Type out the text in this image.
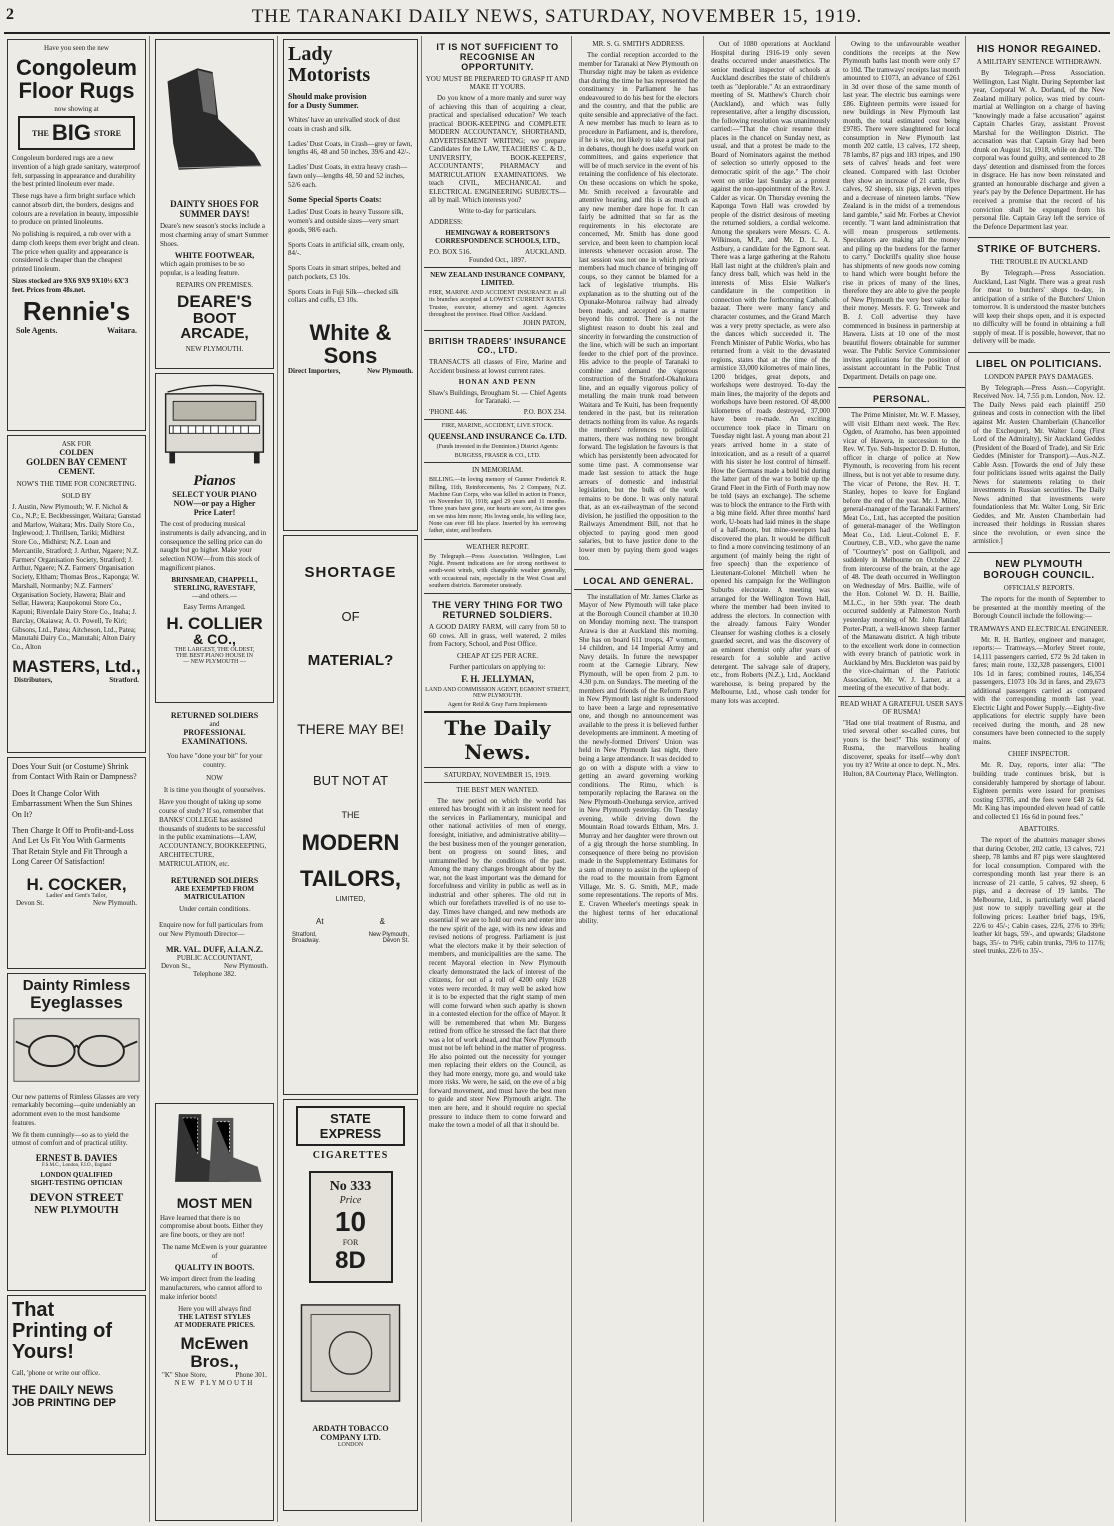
2	THE TARANAKI DAILY NEWS, SATURDAY, NOVEMBER 15, 1919.
Have you seen the new
Congoleum
Floor Rugs
now showing at
THE BIG STORE
Congoleum bordered rugs are a new invention of a high grade sanitary, waterproof felt, surpassing in appearance and durability the best printed linoleum ever made.
These rugs have a firm bright surface which cannot absorb dirt, the borders, designs and colours are a revelation in beauty, impossible to produce on printed linoleums.
No polishing is required, a rub over with a damp cloth keeps them ever bright and clean. The price when quality and appearance is considered is cheaper than the cheapest printed linoleum.
Sizes stocked are 9X6 9X9 9X10½ 6X'3 feet. Prices from 48s.net.
Rennie's
Sole Agents.	Waitara.
ASK FOR
COLDEN
GOLDEN BAY CEMENT
CEMENT.
NOW'S THE TIME FOR CONCRETING.
SOLD BY
J. Austin, New Plymouth; W. F. Nichol & Co., N.P.; E. Beckbessinger, Waitara; Ganstad and Marlow, Waitara; Mrs. Daily Store Co., Inglewood; J. Thrillsen, Tariki; Midhirst Store Co., Midhirst; N.Z. Loan and Mercantile, Stratford; J. Arthur, Ngaere; N.Z. Farmers' Organisation Society, Stratford; J. Arthur, Ngaere; N.Z. Farmers' Organisation Society, Eltham; Thomas Bros., Kaponga; W. Marshall, Normanby; N.Z. Farmers' Organisation Society, Hawera; Blair and Sellar, Hawera; Kaupokonui Store Co., Kapuni; Riverdale Dairy Store Co., Inaha; J. Barclay, Okaiawa; A. O. Powell, Te Kiri; Gibsons, Ltd., Patea; Aitcheson, Ltd., Patea; Manutahi Dairy Co., Manutahi; Alton Dairy Co., Alton
MASTERS, Ltd.,
Distributors,	Stratford.
Does Your Suit (or Costume) Shrink from Contact With Rain or Dampness?
Does It Change Color With Embarrassment When the Sun Shines On It?
Then Charge It Off to Profit-and-Loss And Let Us Fit You With Garments That Retain Style and Fit Through a Long Career Of Satisfaction!
H. COCKER,
Ladies' and Gent's Tailor,
Devon St.	New Plymouth.
Dainty Rimless
Eyeglasses
Our new patterns of Rimless Glasses are very remarkably becoming—quite undeniably an adornment even to the most handsome features.
We fit them cunningly—so as to yield the utmost of comfort and of practical utility.
ERNEST B. DAVIES
F.S.M.C., London, F.I.O., England
LONDON QUALIFIED
SIGHT-TESTING OPTICIAN
DEVON STREET
NEW PLYMOUTH
That
Printing of
Yours!
Call, 'phone or write our office.
THE DAILY NEWS
JOB PRINTING DEP
DAINTY SHOES FOR
SUMMER DAYS!
Deare's new season's stocks include a most charming array of smart Summer Shoes.
WHITE FOOTWEAR,
which again promises to be so popular, is a leading feature.
REPAIRS ON PREMISES.
DEARE'S
BOOT ARCADE,
NEW PLYMOUTH.
Pianos
SELECT YOUR PIANO
NOW—or pay a Higher
Price Later!
The cost of producing musical instruments is daily advancing, and in consequence the selling price can do naught but go higher. Make your selection NOW—from this stock of magnificent pianos.
BRINSMEAD, CHAPPELL,
STERLING, RAVESTAFF,
—and others.—
Easy Terms Arranged.
H. COLLIER
& CO.,
THE LARGEST, THE OLDEST,
THE BEST PIANO HOUSE IN
— NEW PLYMOUTH —
RETURNED SOLDIERS
and
PROFESSIONAL EXAMINATIONS.
You have "done your bit" for your country.
NOW
It is time you thought of yourselves.
Have you thought of taking up some course of study? If so, remember that BANKS' COLLEGE has assisted thousands of students to be successful in the public examinations—LAW, ACCOUNTANCY, BOOKKEEPING, ARCHITECTURE, MATRICULATION, etc.
RETURNED SOLDIERS
ARE EXEMPTED FROM MATRICULATION
Under certain conditions.
Enquire now for full particulars from our New Plymouth Director—
MR. VAL. DUFF, A.I.A.N.Z.
PUBLIC ACCOUNTANT,
Devon St.,	New Plymouth.
Telephone 382.
MOST MEN
Have learned that there is no compromise about boots. Either they are fine boots, or they are not!
The name McEwen is your guarantee of
QUALITY IN BOOTS.
We import direct from the leading manufacturers, who cannot afford to make inferior boots!
Here you will always find
THE LATEST STYLES
AT MODERATE PRICES.
McEwen Bros.,
"K" Shoe Store,	Phone 301.
NEW PLYMOUTH
Lady
Motorists
Should make provision
for a Dusty Summer.
Whites' have an unrivalled stock of dust coats in crash and silk.
Ladies' Dust Coats, in Crash—grey or fawn, lengths 46, 48 and 50 inches, 39/6 and 42/-.
Ladies' Dust Coats, in extra heavy crash—fawn only—lengths 48, 50 and 52 inches, 52/6 each.
Some Special Sports Coats:
Ladies' Dust Coats in heavy Tussore silk, women's and outside sizes—very smart goods, 98/6 each.
Sports Coats in artificial silk, cream only, 84/-.
Sports Coats in smart stripes, belted and patch pockets, £3 10s.
Sports Coats in Fuji Silk—checked silk collars and cuffs, £3 10s.
White & Sons
Direct Importers,	New Plymouth.
SHORTAGE
OF
MATERIAL?
THERE MAY BE!
BUT NOT AT
THE
MODERN
TAILORS,
LIMITED,
At	&
Stratford,	New Plymouth,
Broadway.	Devon St.
STATE EXPRESS
CIGARETTES
No 333
Price
10
FOR
8D
ARDATH TOBACCO
COMPANY LTD.
LONDON
IT IS NOT SUFFICIENT TO RECOGNISE AN OPPORTUNITY.
YOU MUST BE PREPARED TO GRASP IT AND MAKE IT YOURS.

Do you know of a more manly and surer way of achieving this than of acquiring a clear, practical and specialised education? We teach practical BOOK-KEEPING and COMPLETE MODERN ACCOUNTANCY, SHORTHAND, ADVERTISEMENT WRITING; we prepare Candidates for the LAW, TEACHERS' C. & D., UNIVERSITY, BOOK-KEEPERS', ACCOUNTANTS', PHARMACY and MATRICULATION EXAMINATIONS. We teach CIVIL, MECHANICAL and ELECTRICAL ENGINEERING SUBJECTS—all by mail. Which interests you?

Write to-day for particulars.
ADDRESS:
HEMINGWAY & ROBERTSON'S CORRESPONDENCE SCHOOLS, LTD.,
P.O. BOX 516.	AUCKLAND.
Founded Oct., 1897.
NEW ZEALAND INSURANCE COMPANY, LIMITED.
FIRE, MARINE AND ACCIDENT INSURANCE in all its branches accepted at LOWEST CURRENT RATES. Trustee, executor, attorney and agent. Agencies throughout the province. Head Office: Auckland.
JOHN PATON,
BRITISH TRADERS' INSURANCE CO., LTD.
TRANSACTS all classes of Fire, Marine and Accident business at lowest current rates.
HONAN AND PENN
Shaw's Buildings, Brougham St. — Chief Agents for Taranaki. —
'PHONE 446.	P.O. BOX 234.
FIRE, MARINE, ACCIDENT, LIVE STOCK.
QUEENSLAND INSURANCE Co. LTD.
(Funds invested in the Dominion.) District Agents:
BURGESS, FRASER & CO., LTD.
IN MEMORIAM.
BILLING.—In loving memory of Gunner Frederick R. Billing, 11th, Reinforcements, No. 2 Company, N.Z. Machine Gun Corps, who was killed in action in France, on November 10, 1918; aged 29 years and 11 months. Three years have gone, our hearts are sore, As time goes on we miss him more; His loving smile, his willing face, None can ever fill his place. Inserted by his sorrowing father, sister, and brothers.
WEATHER REPORT.
By Telegraph.—Press Association. Wellington, Last Night. Present indications are for strong northwest to south-west winds, with changeable weather generally, with occasional rain, especially in the West Coast and southern districts. Barometer unsteady.
THE VERY THING FOR TWO RETURNED SOLDIERS.
A GOOD DAIRY FARM, will carry from 50 to 60 cows. All in grass, well watered, 2 miles from Factory, School, and Post Office.
CHEAP AT £25 PER ACRE.
Further particulars on applying to:
F. H. JELLYMAN,
LAND AND COMMISSION AGENT, EGMONT STREET, NEW PLYMOUTH.
Agent for Reid & Gray Farm Implements
The Daily News.
SATURDAY, NOVEMBER 15, 1919.
THE BEST MEN WANTED.

The new period on which the world has entered has brought with it an insistent need for the services in Parliamentary, municipal and other national activities of men of energy, foresight, initiative, and administrative ability—the best business men of the younger generation, bent on progress on sound lines, and untrammelled by the conditions of the past. Among the many changes brought about by the war, not the least important was the demand for forcefulness and virility in public as well as in industrial and other spheres. The old rut in which our forefathers travelled is of no use to-day. Times have changed, and new methods are essential if we are to hold our own and enter into the new spirit of the age, with its new ideas and revised notions of progress. Parliament is just what the electors make it by their selection of members, and municipalities are the same. The recent Mayoral election in New Plymouth clearly demonstrated the lack of interest of the citizens, for out of a roll of 4200 only 1628 votes were recorded. It may well be asked how it is to be expected that the right stamp of men will come forward when such apathy is shown in a contested election for the office of Mayor. It will be remembered that when Mr. Burgess retired from office he stressed the fact that there was a lot of work ahead, and that New Plymouth must not be left behind in the matter of progress. He also pointed out the necessity for younger men replacing their elders on the Council, as they had more energy, more go, and would take more risks. We were, he said, on the eve of a big forward movement, and must have the best men to guide and steer New Plymouth aright. The men are here, and it should require no special pressure to induce them to come forward and make the town a model of all that it should be.

MR. S. G. SMITH'S ADDRESS.

The cordial reception accorded to the member for Taranaki at New Plymouth on Thursday night may be taken as evidence that during the time he has represented the constituency in Parliament he has endeavoured to do his best for the electors and the country, and that the public are quite sensible and appreciative of the fact. A new member has much to learn as to procedure in Parliament, and is, therefore, if he is wise, not likely to take a great part in debates, though he does useful work on committees, and gains experience that will be of much service in the event of his retaining the confidence of his electorate. On these occasions on which he spoke, Mr. Smith received a favourable and attentive hearing, and this is as much as any new member dare hope for. It can fairly be admitted that so far as the requirements in his electorate are concerned, Mr. Smith has done good service, and been keen to champion local interests whenever occasion arose. The last session was not one in which private members had much chance of bringing off coups, so they cannot be blamed for a lack of legislative triumphs. His explanation as to the shutting out of the Opunake-Moturoa railway had already been made, and accepted as a matter beyond his control. There is not the slightest reason to doubt his zeal and sincerity in forwarding the construction of the line, which will be such an important feeder to the chief port of the province. His advice to the people of Taranaki to combine and demand the vigorous construction of the Stratford-Okahukura line, and an equally vigorous policy of metalling the main trunk road between Waitara and Te Kuiti, has been frequently tendered in the past, but its reiteration detracts nothing from its value. As regards the members' references to political matters, there was nothing new brought forward. The legislation he favours is that which has persistently been advocated for some time past. A commonsense war made last session to attack the huge arrears of domestic and industrial legislation, but the bulk of the work remains to be done. It was only natural that, as an ex-railwayman of the second division, he justified the opposition to the Railways Amendment Bill, not that he objected to paying good men good salaries, but to have justice done to the lower men by paying them good wages too.

LOCAL AND GENERAL.

The installation of Mr. James Clarke as Mayor of New Plymouth will take place at the Borough Council chamber at 10.30 on Monday morning next. The transport Arawa is due at Auckland this morning. She has on board 611 troops, 47 women, 14 children, and 14 Imperial Army and Navy details. In future the newspaper room at the Carnegie Library, New Plymouth, will be open from 2 p.m. to 4.30 p.m. on Sundays. The meeting of the members and friends of the Reform Party in New Plymouth last night is understood to have been a large and representative one, and though no announcement was available to the press it is believed further developments are imminent. A meeting of the newly-formed Drivers' Union was held in New Plymouth last night, there being a large attendance. It was decided to go on with a dispute with a view to getting an award governing working conditions. The Rimu, which is temporarily replacing the Rarawa on the New Plymouth-Onehunga service, arrived in New Plymouth yesterday. On Tuesday evening, while driving down the Mountain Road towards Eltham, Mrs. J. Murray and her daughter were thrown out of a gig through the horse stumbling. In consequence of there being no provision made in the Supplementary Estimates for a sum of money to assist in the upkeep of the road to the mountain from Egmont Village, Mr. S. G. Smith, M.P., made some representations. The reports of Mrs. E. Craven Wheeler's meetings speak in the highest terms of her educational ability.

Out of 1080 operations at Auckland Hospital during 1916-19 only seven deaths occurred under anaesthetics. The senior medical inspector of schools at Auckland describes the state of children's teeth as "deplorable." At an extraordinary meeting of St. Matthew's Church choir (Auckland), and which was fully representative, after a lengthy discussion, the following resolution was unanimously carried:—"That the choir resume their places in the chancel on Sunday next, as usual, and that a protest be made to the Board of Nominators against the method of selection so utterly opposed to the democratic spirit of the age." The choir went on strike last Sunday as a protest against the non-appointment of the Rev. J. Calder as vicar. On Thursday evening the Kaponga Town Hall was crowded by people of the district desirous of meeting the returned soldiers, a cordial welcome. Among the speakers were Messrs. C. A. Wilkinson, M.P., and Mr. D. L. A. Astbury, a candidate for the Egmont seat. There was a large gathering at the Rahotu Hall last night at the children's plain and fancy dress ball, which was held in the interests of Miss Elsie Walker's candidature in the competition in connection with the forthcoming Catholic bazaar. There were many fancy and character costumes, and the Grand March was a very pretty spectacle, as were also the dances which succeeded it. The French Minister of Public Works, who has returned from a visit to the devastated regions, states that at the time of the armistice 33,000 kilometres of main lines, 1200 bridges, great depots, and workshops were destroyed. To-day the main lines, the majority of the depots and workshops have been restored. Of 48,000 kilometres of roads destroyed, 37,000 have been re-made. An exciting occurrence took place in Timaru on Tuesday night last. A young man about 21 years arrived home in a state of intoxication, and as a result of a quarrel with his sister he lost control of himself. How the Germans made a bold bid during the latter part of the war to bottle up the Grand Fleet in the Firth of Forth may now be told (says an exchange). The scheme was to block the entrance to the Firth with a big mine field. After three months' hard work, U-boats had laid mines in the shape of a half-moon, but mine-sweepers had discovered the plan. It would be difficult to find a more convincing testimony of an argument (of mainly being the right of free speech) than the experience of Lieutenant-Colonel Mitchell when he opened his campaign for the Wellington Suburbs electorate. A meeting was arranged for the Wellington Town Hall, where the member had been invited to address the electors. In connection with the already famous Fairy Wonder Cleanser for washing clothes is a closely guarded secret, and was the discovery of an eminent chemist only after years of research for a soluble and active detergent. The salvage sale of drapery, etc., from Roberts (N.Z.), Ltd., Auckland warehouse, is being prepared by the Melbourne, Ltd., whose cash tender for many lots was accepted.

Owing to the unfavourable weather conditions the receipts at the New Plymouth baths last month were only £7 to 10d. The tramways' receipts last month amounted to £1073, an advance of £261 in 3d over those of the same month of last year. The electric bus earnings were £86. Eighteen permits were issued for new buildings in New Plymouth last month, the total estimated cost being £9785. There were slaughtered for local consumption in New Plymouth last month 202 cattle, 13 calves, 172 sheep, 78 lambs, 87 pigs and 183 tripes, and 190 sets of calves' heads and feet were cleaned. Compared with last October they show an increase of 21 cattle, five calves, 92 sheep, six pigs, eleven tripes and a decrease of nineteen lambs. "New Zealand is in the midst of a tremendous land gamble," said Mr. Forbes at Cheviot recently. "I want land administration that will mean prosperous settlements. Speculators are making all the money and piling up the burdens for the farmer to carry." Dockrill's quality shoe house has shipments of new goods now coming to hand which were bought before the rise in prices of many of the lines, therefore they are able to give the people of New Plymouth the very best value for their money. Messrs. F. G. Treweek and B. J. Coll advertise they have commenced in business in partnership at Hawera. Lists at 10 one of the most beautiful flowers obtainable for summer wear. The Public Service Commissioner invites applications for the position of assistant accountant in the Public Trust Department. Details on page one.

PERSONAL.

The Prime Minister, Mr. W. F. Massey, will visit Eltham next week. The Rev. Ogden, of Aramoho, has been appointed vicar of Hawera, in succession to the Rev. W. Tye. Sub-Inspector D. D. Hutton, officer in charge of police at New Plymouth, is recovering from his recent illness, but is not yet able to resume duty. The vicar of Petone, the Rev. H. T. Stanley, hopes to leave for England before the end of the year. Mr. J. Milne, general-manager of the Taranaki Farmers' Meat Co., Ltd., has accepted the position of general-manager of the Wellington Meat Co., Ltd. Lieut.-Colonel E. F. Courtney, C.B., V.D., who gave the name of "Courtney's" post on Gallipoli, and suddenly in Melbourne on October 22 from intercourse of the brain, at the age of 48. The death occurred in Wellington on Wednesday of Mrs. Baillie, wife of the Hon. Colonel W. D. H. Baillie, M.L.C., in her 59th year. The death occurred suddenly at Palmerston North yesterday morning of Mr. John Randall Porter-Pratt, a well-known sheep farmer of the Manawatu district. A high tribute to the excellent work done in connection with every branch of patriotic work in Auckland by Mrs. Buckleton was paid by the vice-chairman of the Patriotic Association, Mr. W. J. Larner, at a meeting of the executive of that body.

READ WHAT A GRATEFUL USER SAYS OF RUSMA!
"Had one trial treatment of Rusma, and tried several other so-called cures, but yours is the best!" This testimony of Rusma, the marvellous healing discoverer, speaks for itself—why don't you try it? Write at once to dept. N., Mrs. Hulton, 8A Courtenay Place, Wellington.
HIS HONOR REGAINED.
A MILITARY SENTENCE WITHDRAWN.

By Telegraph.—Press Association. Wellington, Last Night. During September last year, Corporal W. A. Dorland, of the New Zealand military police, was tried by court-martial at Wellington on a charge of having "knowingly made a false accusation" against Captain Charles Gray, assistant Provost Marshal for the Wellington District. The accusation was that Captain Gray had been drunk on August 1st, 1918, while on duty. The corporal was found guilty, and sentenced to 28 days' detention and dismissed from the forces in disgrace. He has now been reinstated and granted an honourable discharge and given a year's pay by the Defence Department. He has received a promise that the record of his conviction shall be expunged from his personal file. Captain Gray left the service of the Defence Department last year.

STRIKE OF BUTCHERS.
THE TROUBLE IN AUCKLAND

By Telegraph.—Press Association. Auckland, Last Night. There was a great rush for meat to butchers' shops to-day, in anticipation of a strike of the Butchers' Union tomorrow. It is understood the master butchers will keep their shops open, and it is expected no difficulty will be found in obtaining a full supply of meat. If is possible, however, that no delivery will be made.

LIBEL ON POLITICIANS.
LONDON PAPER PAYS DAMAGES.

By Telegraph.—Press Assn.—Copyright. Received Nov. 14, 7.55 p.m. London, Nov. 12. The Daily News paid each plaintiff 250 guineas and costs in connection with the libel against Mr. Austen Chamberlain (Chancellor of the Exchequer), Mr. Walter Long (First Lord of the Admiralty), Sir Auckland Geddes (President of the Board of Trade), and Sir Eric Geddes (Minister for Transport).—Aus.-N.Z. Cable Assn. [Towards the end of July these four politicians issued writs against the Daily News for statements relating to their investments in Russian securities. The Daily News admitted that investments were foundationless that Mr. Walter Long, Sir Eric Geddes, and Mr. Austen Chamberlain had increased their holdings in Russian shares since the revolution, or even since the armistice.]

NEW PLYMOUTH BOROUGH COUNCIL.
OFFICIALS' REPORTS.

The reports for the month of September to be presented at the monthly meeting of the Borough Council include the following:—

TRAMWAYS AND ELECTRICAL ENGINEER.

Mr. R. H. Bartley, engineer and manager, reports:— Tramways.—Morley Street route, 14,111 passengers carried, £72 9s 2d taken in fares; main route, 132,328 passengers, £1001 10s 1d in fares; combined routes, 146,354 passengers, £1073 10s 3d in fares, and 29,673 additional passengers carried as compared with the corresponding month last year. Electric Light and Power Supply.—Eighty-five applications for electric supply have been received during the month, and 28 new consumers have been connected to the supply mains.

CHIEF INSPECTOR.

Mr. R. Day, reports, inter alia: "The building trade continues brisk, but is considerably hampered by shortage of labour. Eighteen permits were issued for premises costing £3785, and the fees were £48 2s 6d. Mr. King has impounded eleven head of cattle and collected £1 16s 6d in pound fees."

ABATTOIRS.

The report of the abattoirs manager shows that during October, 202 cattle, 13 calves, 721 sheep, 78 lambs and 87 pigs were slaughtered for local consumption. Compared with the corresponding month last year there is an increase of 21 cattle, 5 calves, 92 sheep, 6 pigs, and a decrease of 19 lambs. The Melbourne, Ltd., is particularly well placed just now to supply travelling gear at the following prices: Leather brief bags, 19/6, 22/6 to 45/-; Cabin cases, 22/6, 27/6 to 39/6; leather kit bags, 59/-, and upwards; Gladstone bags, 35/- to 79/6; cabin trunks, 79/6 to 117/6; steel trunks, 22/6 to 35/-.
